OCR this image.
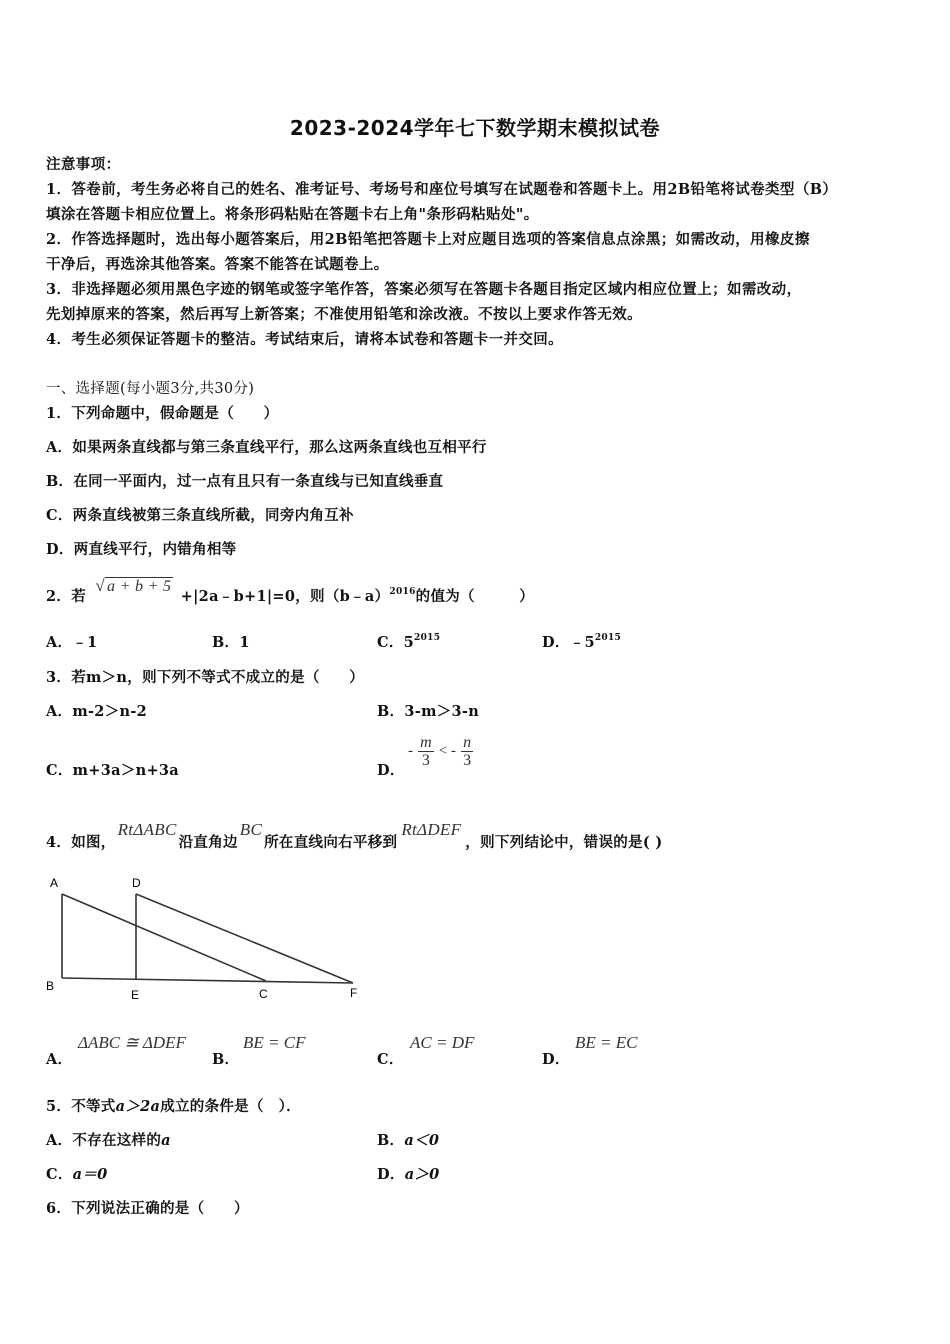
2023-2024学年七下数学期末模拟试卷
注意事项：
1．答卷前，考生务必将自己的姓名、准考证号、考场号和座位号填写在试题卷和答题卡上。用2B铅笔将试卷类型（B）
填涂在答题卡相应位置上。将条形码粘贴在答题卡右上角"条形码粘贴处"。
2．作答选择题时，选出每小题答案后，用2B铅笔把答题卡上对应题目选项的答案信息点涂黑；如需改动，用橡皮擦
干净后，再选涂其他答案。答案不能答在试题卷上。
3．非选择题必须用黑色字迹的钢笔或签字笔作答，答案必须写在答题卡各题目指定区域内相应位置上；如需改动，
先划掉原来的答案，然后再写上新答案；不准使用铅笔和涂改液。不按以上要求作答无效。
4．考生必须保证答题卡的整洁。考试结束后，请将本试卷和答题卡一并交回。
一、选择题(每小题3分,共30分)
1．下列命题中，假命题是（　　）
A．如果两条直线都与第三条直线平行，那么这两条直线也互相平行
B．在同一平面内，过一点有且只有一条直线与已知直线垂直
C．两条直线被第三条直线所截，同旁内角互补
D．两直线平行，内错角相等
2．若 √ a + b + 5 +|2a﹣b+1|=0，则（b﹣a）$^{2016}$的值为（　　　）
A．﹣1	B．1	C．$5^{2015}$	D．$﹣5^{2015}$
3．若m＞n，则下列不等式不成立的是（　　）
A．m-2＞n-2	B．3-m＞3-n
C．m+3a＞n+3a	D．
- $\frac{m}{3}$ < - $\frac{n}{3}$
4．如图，RtΔABC沿直角边BC所在直线向右平移到RtΔDEF，则下列结论中，错误的是( )
A	D
B
E	C	F
A．
ΔABC ≅ ΔDEF
B．
BE = CF
C．
AC = DF
D．
BE = EC
5．不等式a＞2a成立的条件是（　）．
A．不存在这样的a	B．a＜0
C．a＝0	D．a＞0
6．下列说法正确的是（　　）
